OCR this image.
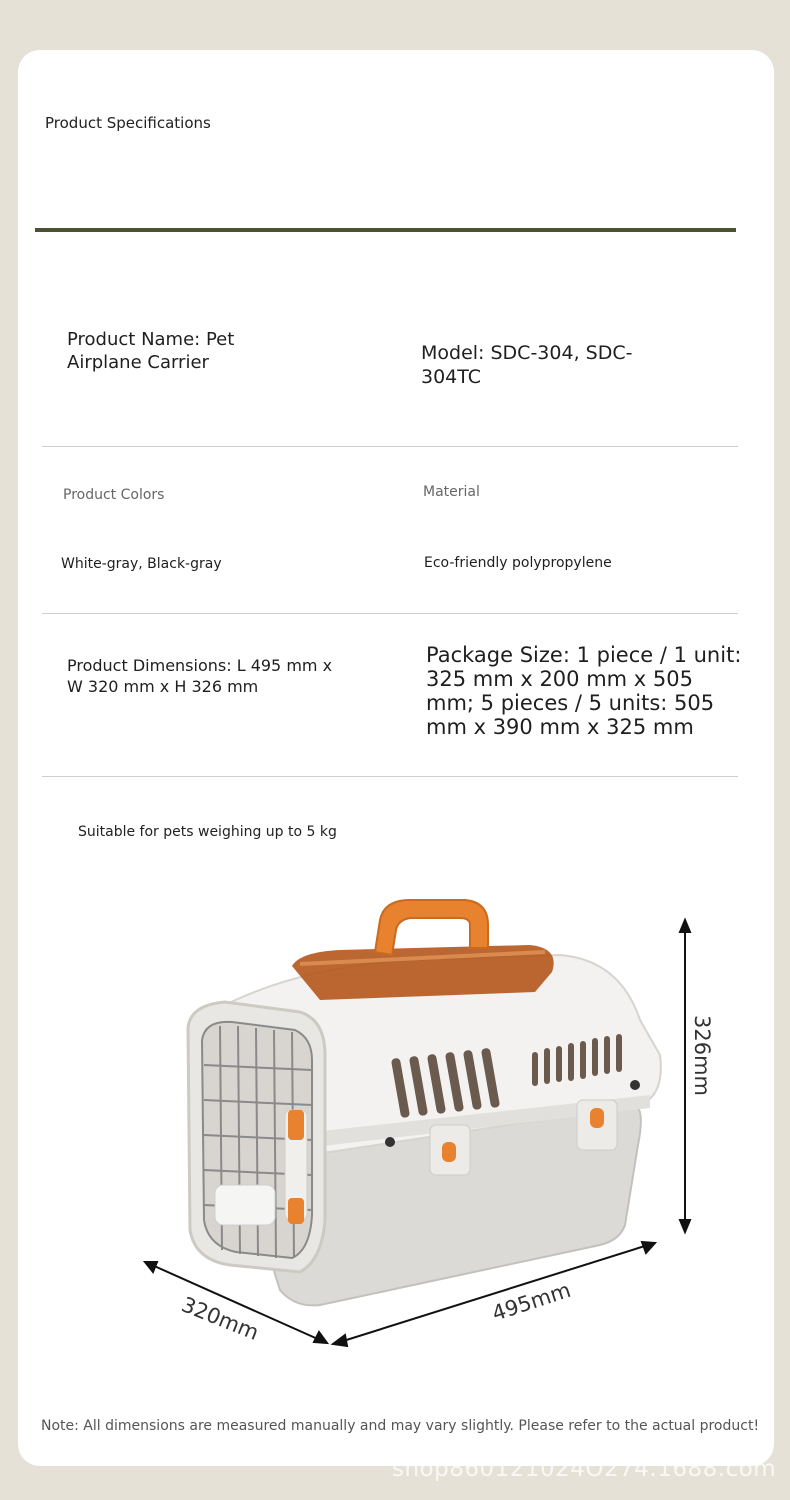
Product Specifications
Product Name: Pet Airplane Carrier	Model: SDC-304, SDC-304TC
Product Colors	Material
White-gray, Black-gray	Eco-friendly polypropylene
Product Dimensions: L 495 mm x W 320 mm x H 326 mm
Package Size: 1 piece / 1 unit: 325 mm x 200 mm x 505 mm; 5 pieces / 5 units: 505 mm x 390 mm x 325 mm
Suitable for pets weighing up to 5 kg
326mm
495mm
320mm
Note: All dimensions are measured manually and may vary slightly. Please refer to the actual product!
shop860121024O274.1688.com
